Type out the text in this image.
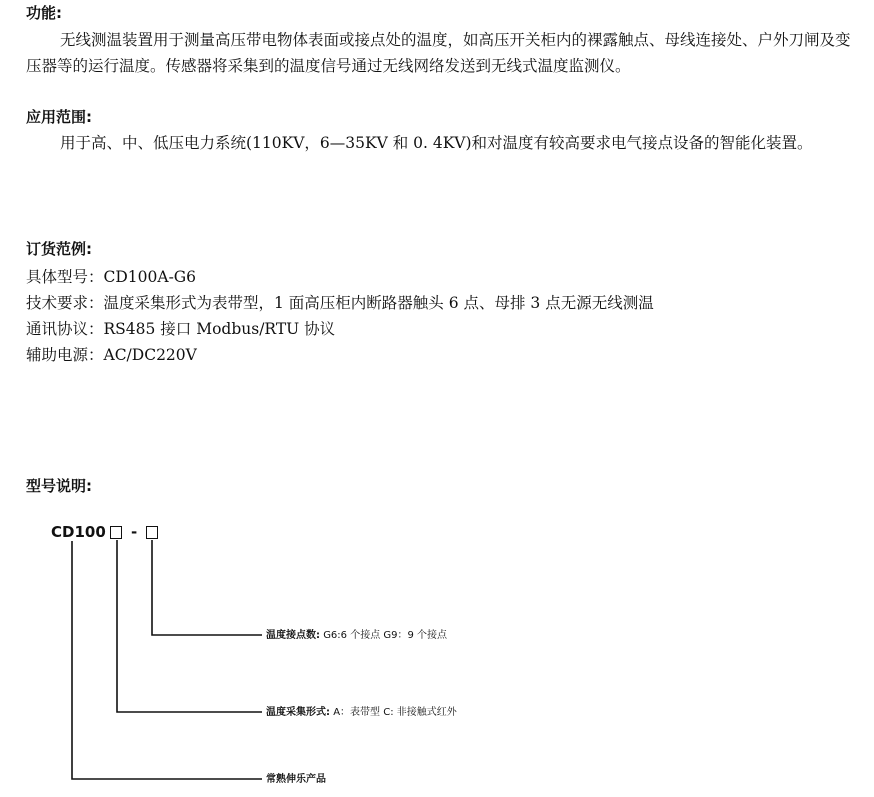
功能:

无线测温装置用于测量高压带电物体表面或接点处的温度，如高压开关柜内的裸露触点、母线连接处、户外刀闸及变压器等的运行温度。传感器将采集到的温度信号通过无线网络发送到无线式温度监测仪。

应用范围:

用于高、中、低压电力系统(110KV，6—35KV 和 0. 4KV)和对温度有较高要求电气接点设备的智能化装置。

订货范例:

具体型号：CD100A-G6

技术要求：温度采集形式为表带型，1 面高压柜内断路器触头 6 点、母排 3 点无源无线测温

通讯协议：RS485 接口 Modbus/RTU 协议

辅助电源：AC/DC220V

型号说明:
CD100 -
温度接点数: G6:6 个接点 G9：9 个接点
温度采集形式: A：表带型 C: 非接触式红外
常熟伸乐产品
